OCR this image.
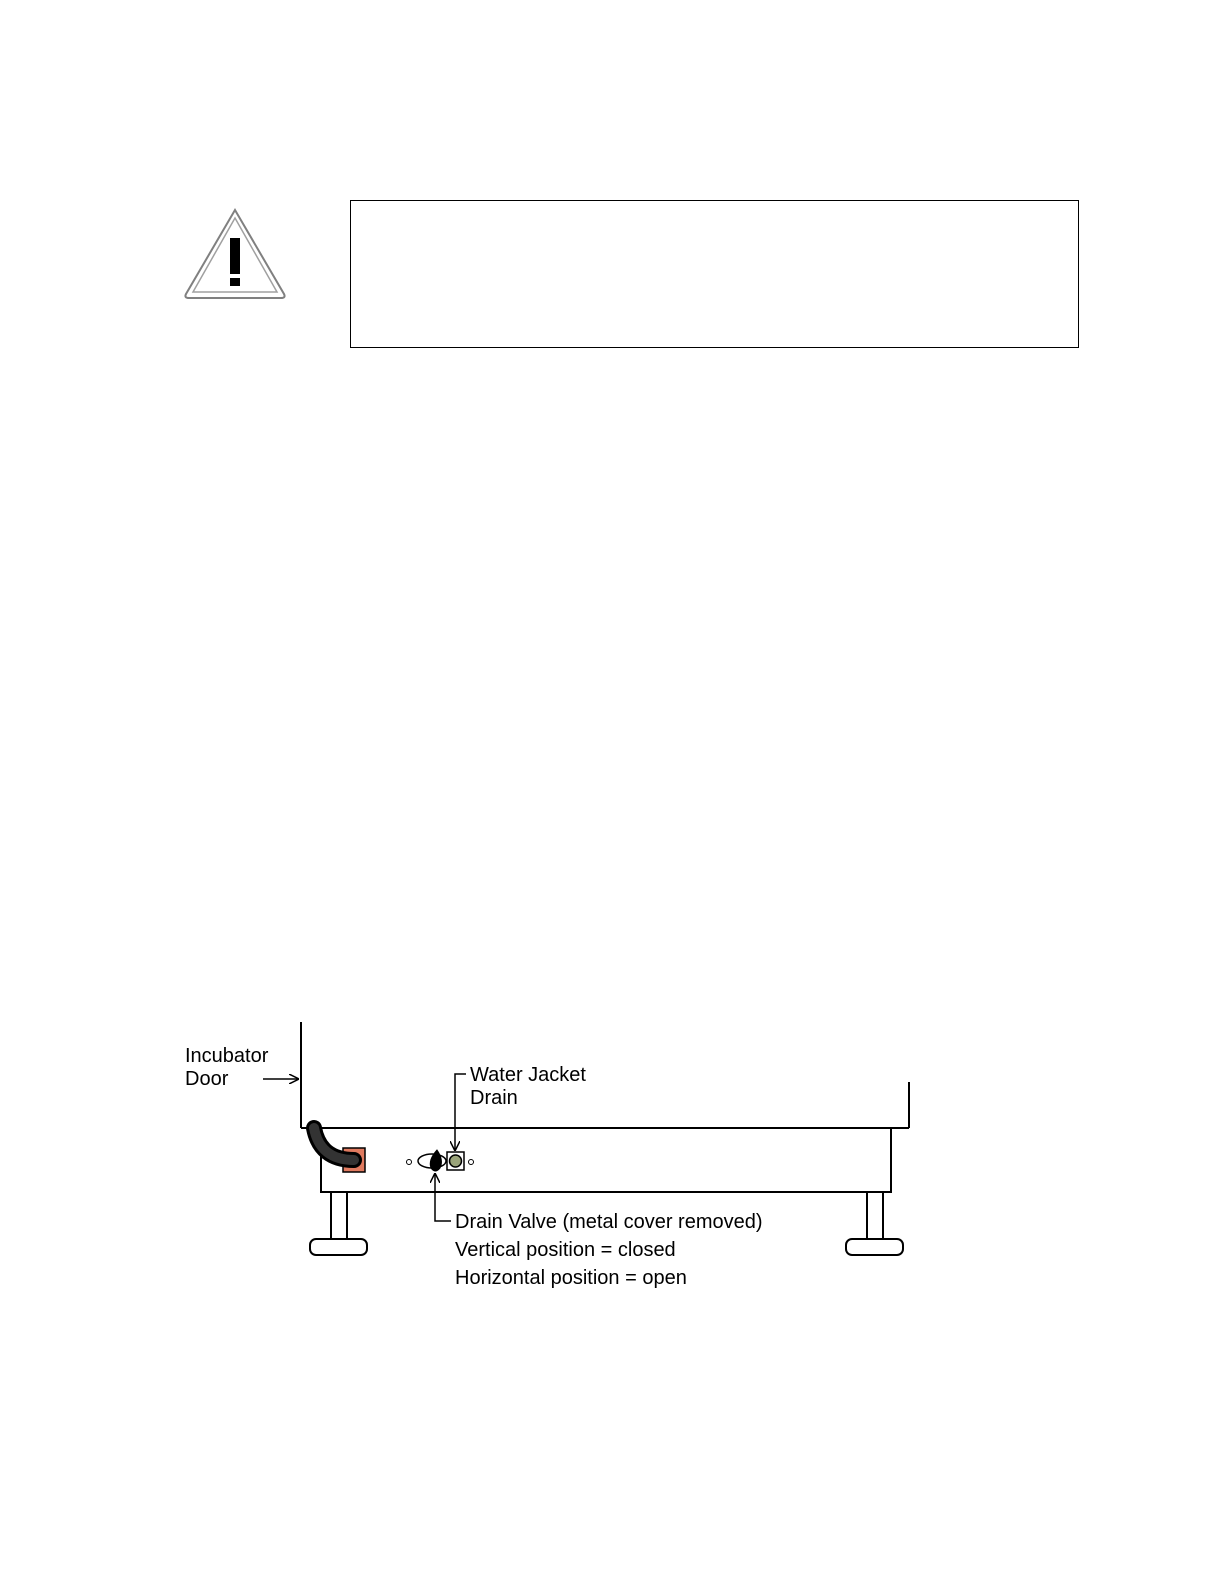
Incubator
Door	Water Jacket
Drain
Drain Valve (metal cover removed)
Vertical position = closed
Horizontal position = open
